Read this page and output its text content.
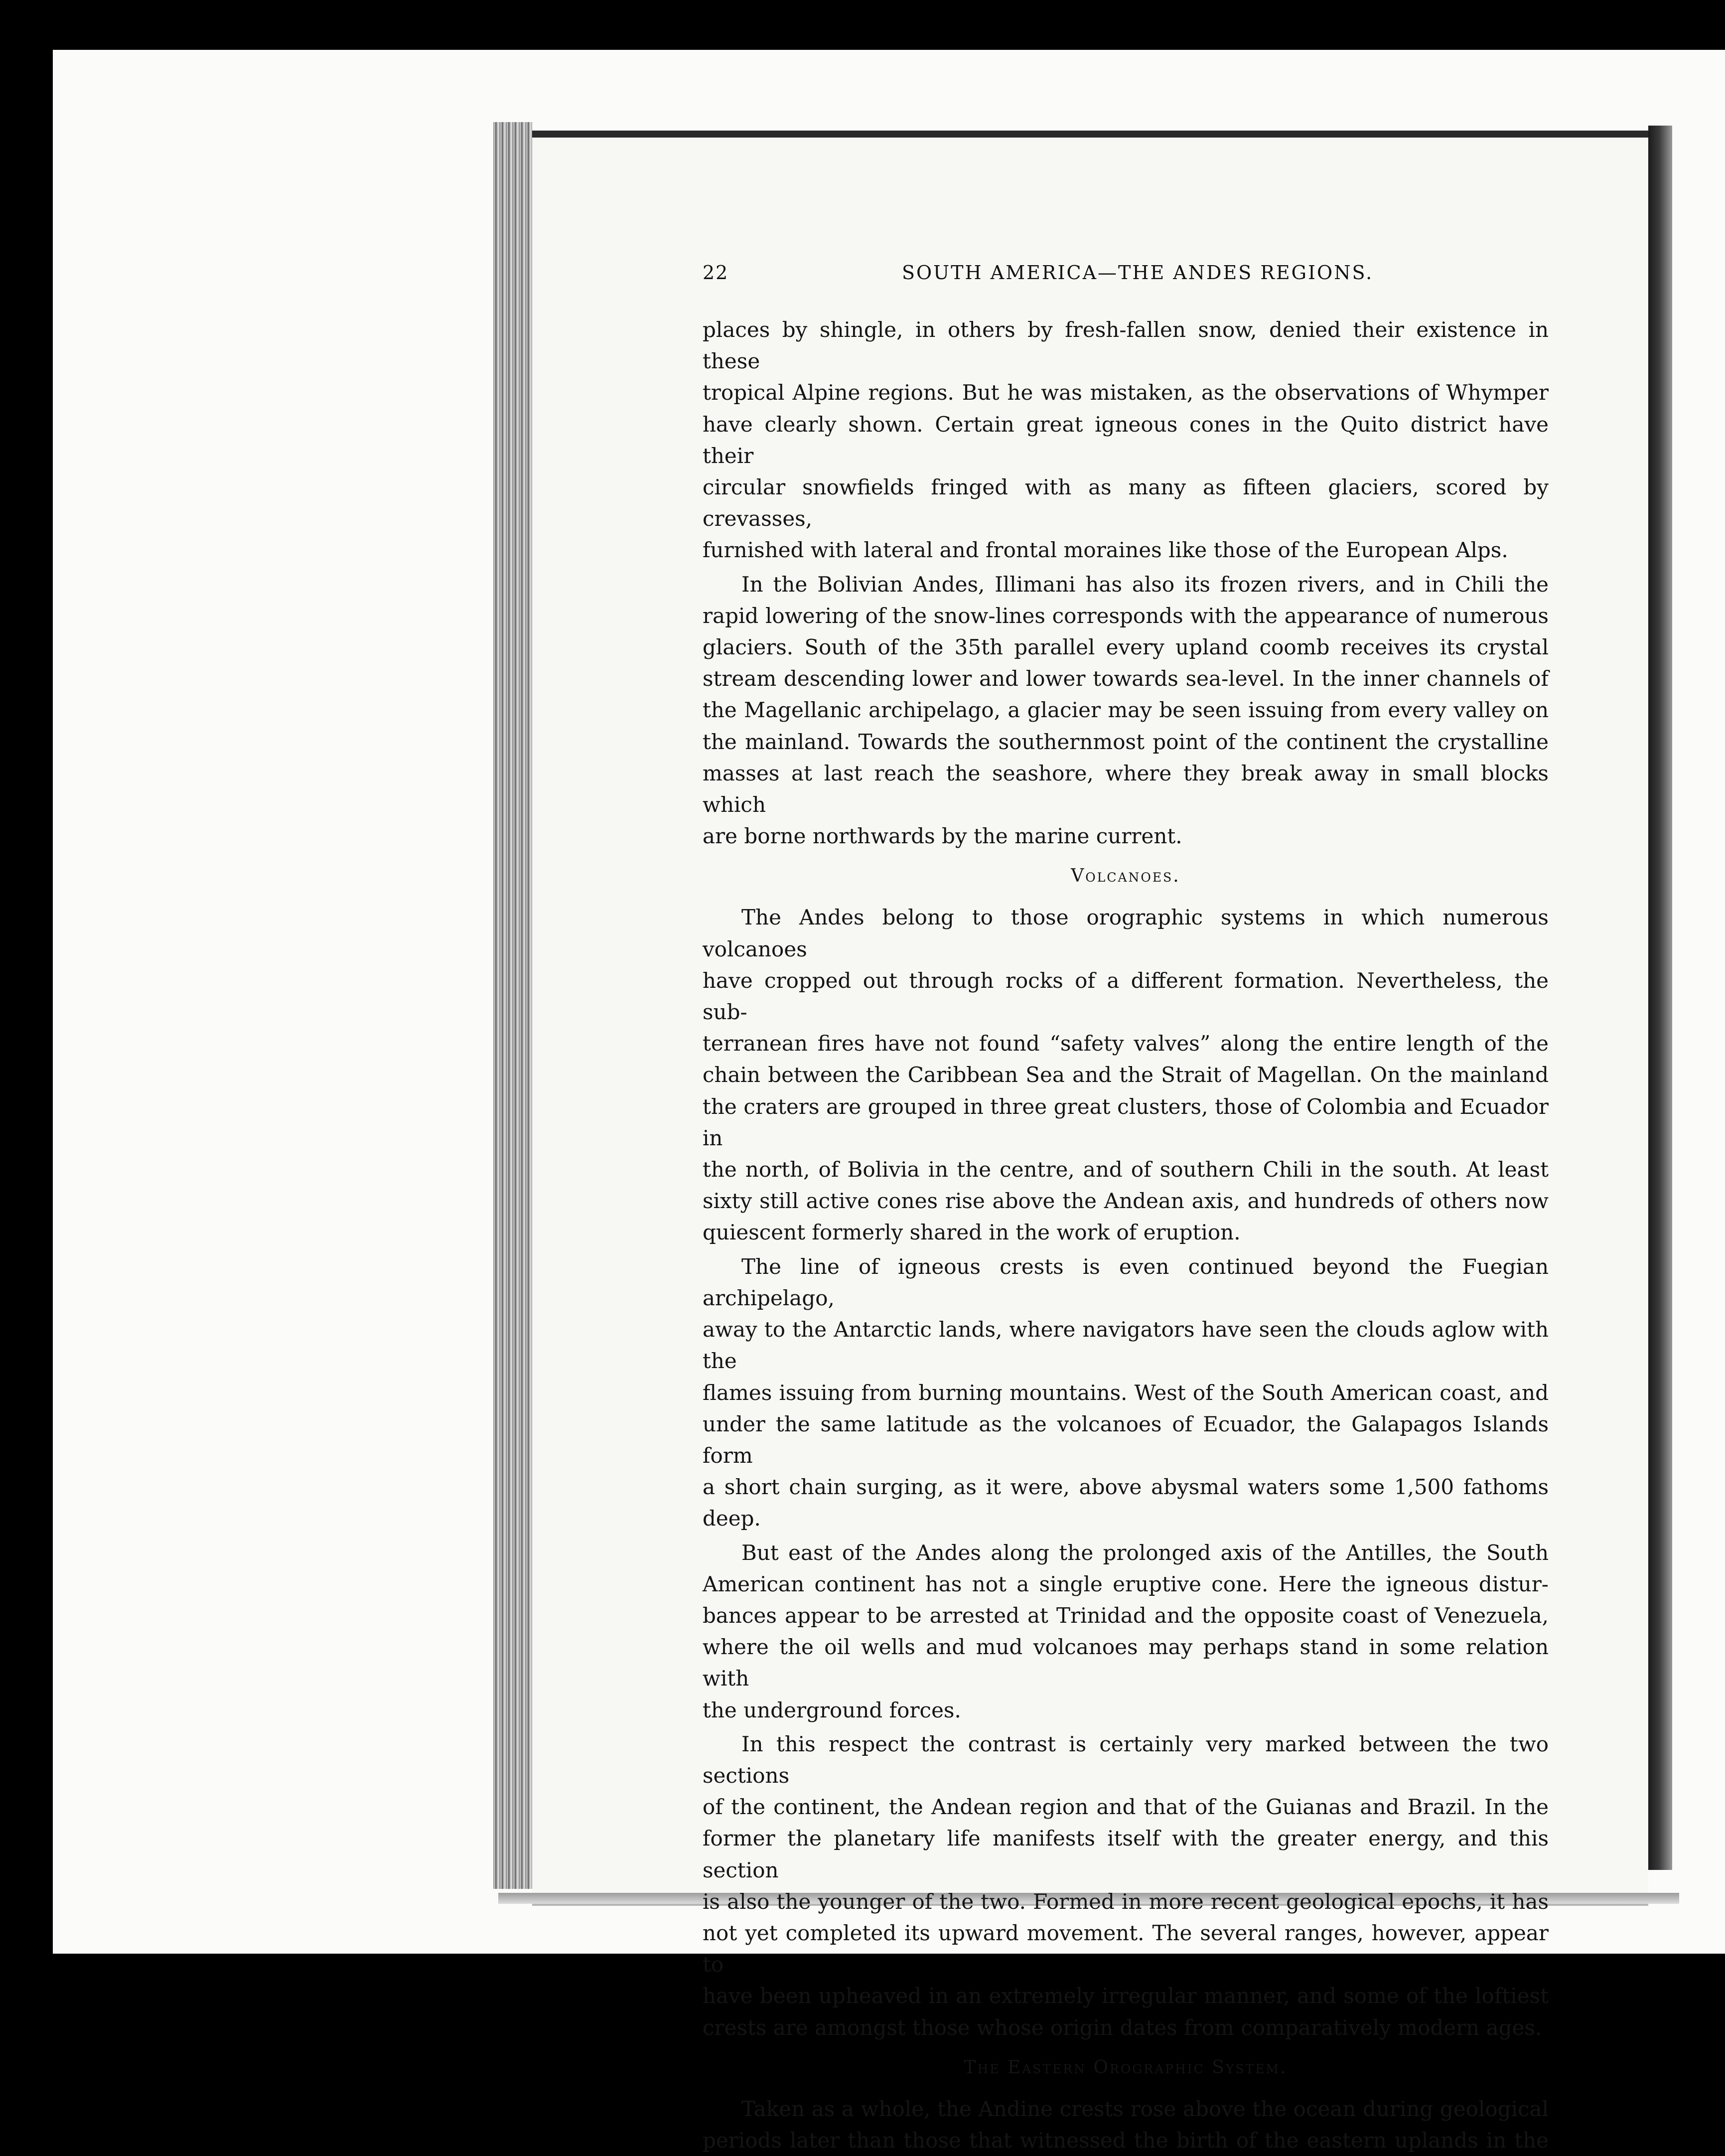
22	SOUTH AMERICA—THE ANDES REGIONS.

places by shingle, in others by fresh-fallen snow, denied their existence in these

tropical Alpine regions. But he was mistaken, as the observations of Whymper

have clearly shown. Certain great igneous cones in the Quito district have their

circular snowfields fringed with as many as fifteen glaciers, scored by crevasses,

furnished with lateral and frontal moraines like those of the European Alps.

In the Bolivian Andes, Illimani has also its frozen rivers, and in Chili the

rapid lowering of the snow-lines corresponds with the appearance of numerous

glaciers. South of the 35th parallel every upland coomb receives its crystal

stream descending lower and lower towards sea-level. In the inner channels of

the Magellanic archipelago, a glacier may be seen issuing from every valley on

the mainland. Towards the southernmost point of the continent the crystalline

masses at last reach the seashore, where they break away in small blocks which

are borne northwards by the marine current.

Volcanoes.

The Andes belong to those orographic systems in which numerous volcanoes

have cropped out through rocks of a different formation. Nevertheless, the sub-

terranean fires have not found “safety valves” along the entire length of the

chain between the Caribbean Sea and the Strait of Magellan. On the mainland

the craters are grouped in three great clusters, those of Colombia and Ecuador in

the north, of Bolivia in the centre, and of southern Chili in the south. At least

sixty still active cones rise above the Andean axis, and hundreds of others now

quiescent formerly shared in the work of eruption.

The line of igneous crests is even continued beyond the Fuegian archipelago,

away to the Antarctic lands, where navigators have seen the clouds aglow with the

flames issuing from burning mountains. West of the South American coast, and

under the same latitude as the volcanoes of Ecuador, the Galapagos Islands form

a short chain surging, as it were, above abysmal waters some 1,500 fathoms deep.

But east of the Andes along the prolonged axis of the Antilles, the South

American continent has not a single eruptive cone. Here the igneous distur-

bances appear to be arrested at Trinidad and the opposite coast of Venezuela,

where the oil wells and mud volcanoes may perhaps stand in some relation with

the underground forces.

In this respect the contrast is certainly very marked between the two sections

of the continent, the Andean region and that of the Guianas and Brazil. In the

former the planetary life manifests itself with the greater energy, and this section

is also the younger of the two. Formed in more recent geological epochs, it has

not yet completed its upward movement. The several ranges, however, appear to

have been upheaved in an extremely irregular manner, and some of the loftiest

crests are amongst those whose origin dates from comparatively modern ages.

The Eastern Orographic System.

Taken as a whole, the Andine crests rose above the ocean during geological

periods later than those that witnessed the birth of the eastern uplands in the
